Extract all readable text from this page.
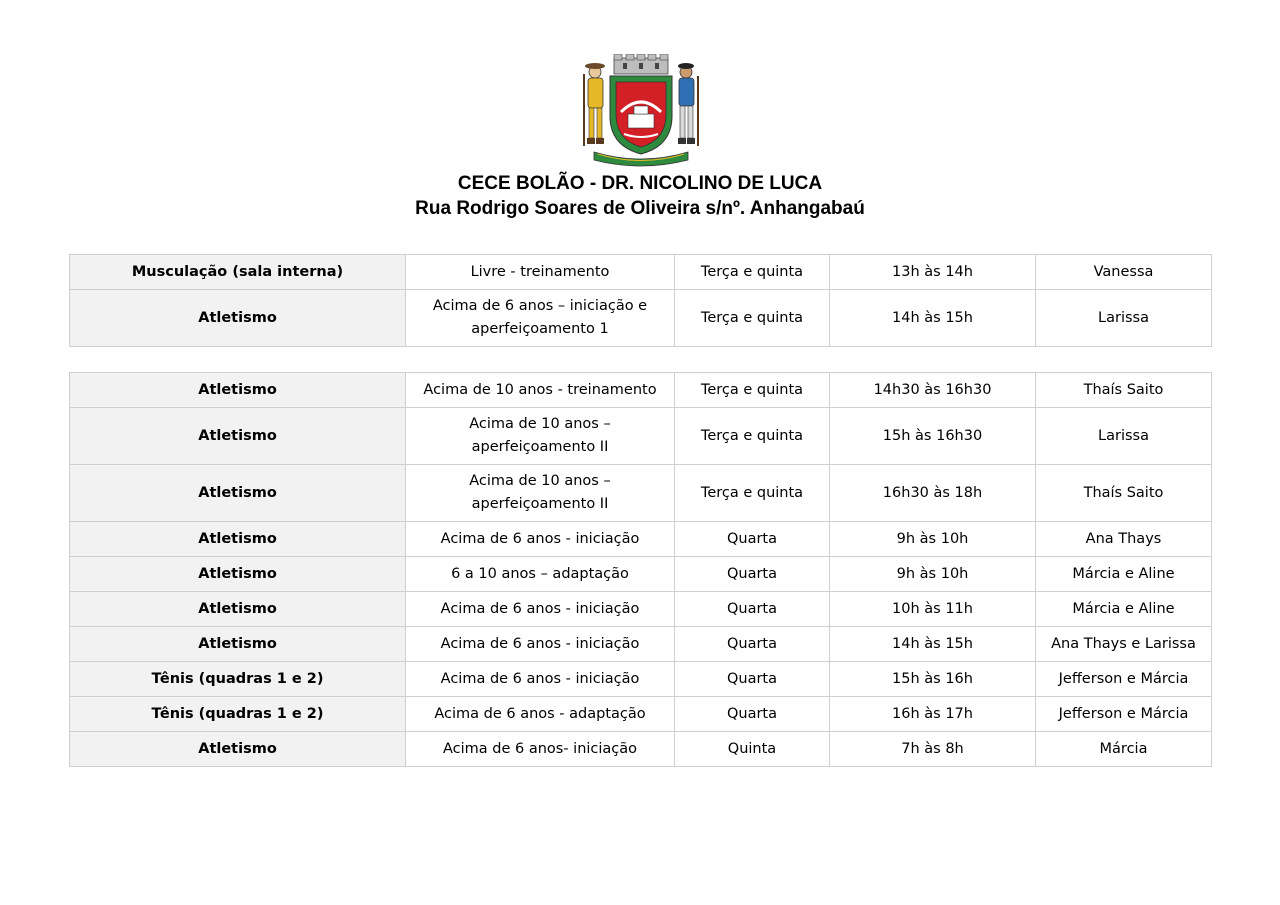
CECE BOLÃO - DR. NICOLINO DE LUCA
Rua Rodrigo Soares de Oliveira s/nº. Anhangabaú
Musculação (sala interna)	Livre - treinamento	Terça e quinta	13h às 14h	Vanessa
Atletismo	Acima de 6 anos – iniciação e aperfeiçoamento 1	Terça e quinta	14h às 15h	Larissa
Atletismo	Acima de 10 anos - treinamento	Terça e quinta	14h30 às 16h30	Thaís Saito
Atletismo	Acima de 10 anos – aperfeiçoamento II	Terça e quinta	15h às 16h30	Larissa
Atletismo	Acima de 10 anos – aperfeiçoamento II	Terça e quinta	16h30 às 18h	Thaís Saito
Atletismo	Acima de 6 anos - iniciação	Quarta	9h às 10h	Ana Thays
Atletismo	6 a 10 anos – adaptação	Quarta	9h às 10h	Márcia e Aline
Atletismo	Acima de 6 anos - iniciação	Quarta	10h às 11h	Márcia e Aline
Atletismo	Acima de 6 anos - iniciação	Quarta	14h às 15h	Ana Thays e Larissa
Tênis (quadras 1 e 2)	Acima de 6 anos - iniciação	Quarta	15h às 16h	Jefferson e Márcia
Tênis (quadras 1 e 2)	Acima de 6 anos - adaptação	Quarta	16h às 17h	Jefferson e Márcia
Atletismo	Acima de 6 anos- iniciação	Quinta	7h às 8h	Márcia
